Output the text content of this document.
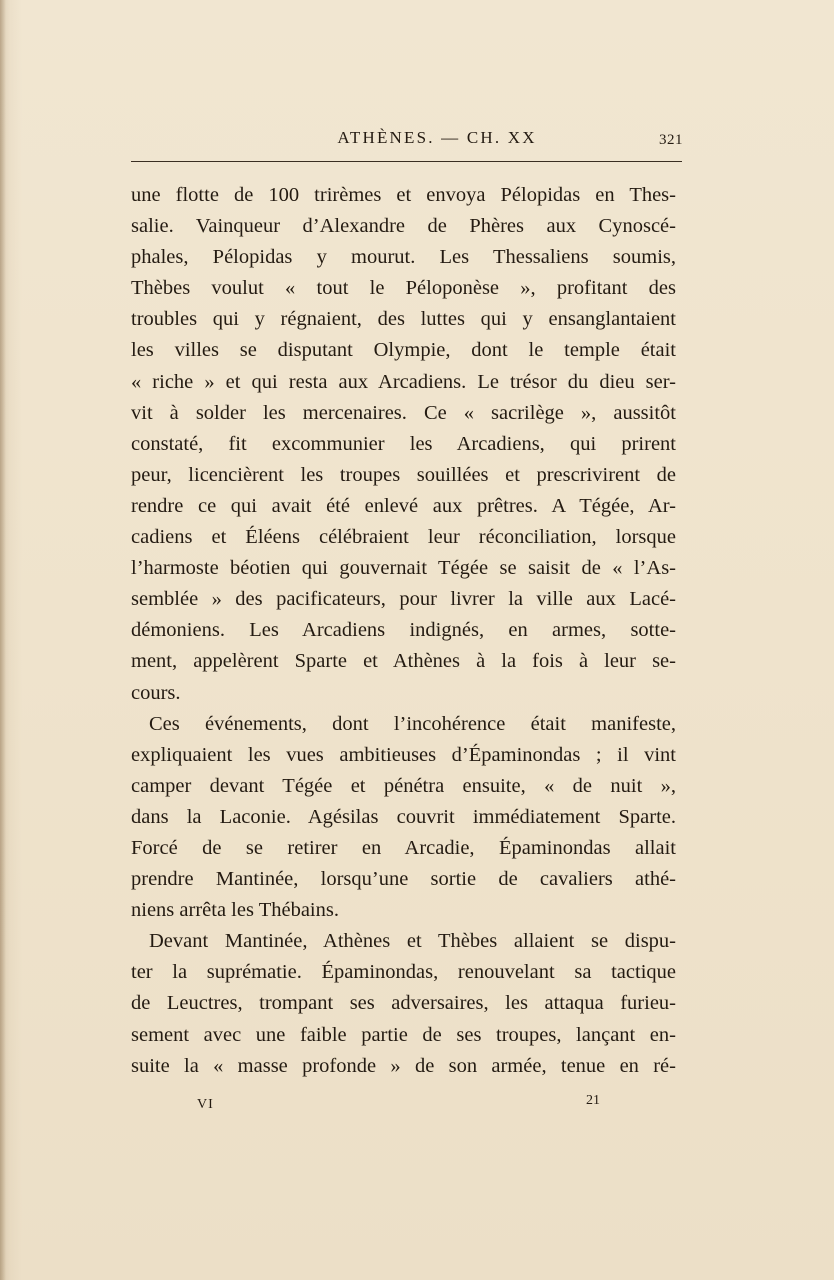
ATHÈNES. — CH. XX	321
une flotte de 100 trirèmes et envoya Pélopidas en Thes-
salie. Vainqueur d’Alexandre de Phères aux Cynoscé-
phales, Pélopidas y mourut. Les Thessaliens soumis,
Thèbes voulut « tout le Péloponèse », profitant des
troubles qui y régnaient, des luttes qui y ensanglantaient
les villes se disputant Olympie, dont le temple était
« riche » et qui resta aux Arcadiens. Le trésor du dieu ser-
vit à solder les mercenaires. Ce « sacrilège », aussitôt
constaté, fit excommunier les Arcadiens, qui prirent
peur, licencièrent les troupes souillées et prescrivirent de
rendre ce qui avait été enlevé aux prêtres. A Tégée, Ar-
cadiens et Éléens célébraient leur réconciliation, lorsque
l’harmoste béotien qui gouvernait Tégée se saisit de « l’As-
semblée » des pacificateurs, pour livrer la ville aux Lacé-
démoniens. Les Arcadiens indignés, en armes, sotte-
ment, appelèrent Sparte et Athènes à la fois à leur se-
cours.
Ces événements, dont l’incohérence était manifeste,
expliquaient les vues ambitieuses d’Épaminondas ; il vint
camper devant Tégée et pénétra ensuite, « de nuit »,
dans la Laconie. Agésilas couvrit immédiatement Sparte.
Forcé de se retirer en Arcadie, Épaminondas allait
prendre Mantinée, lorsqu’une sortie de cavaliers athé-
niens arrêta les Thébains.
Devant Mantinée, Athènes et Thèbes allaient se dispu-
ter la suprématie. Épaminondas, renouvelant sa tactique
de Leuctres, trompant ses adversaires, les attaqua furieu-
sement avec une faible partie de ses troupes, lançant en-
suite la « masse profonde » de son armée, tenue en ré-
VI	21
